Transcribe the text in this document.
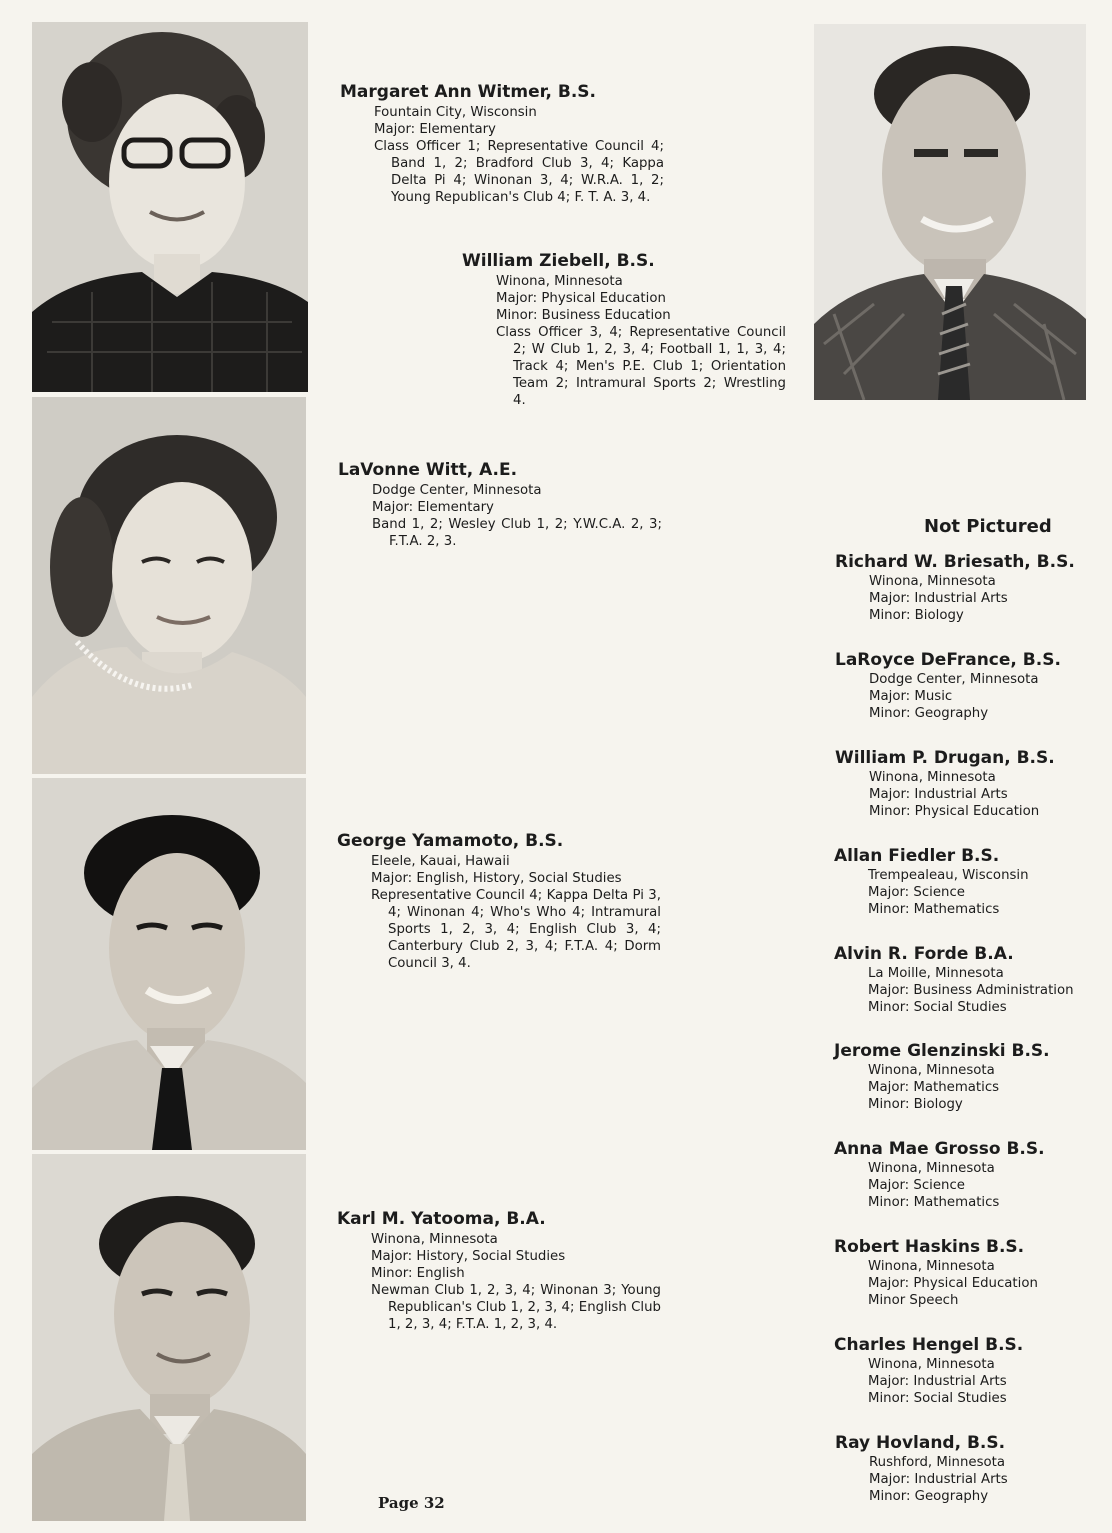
Margaret Ann Witmer, B.S.
Fountain City, Wisconsin
Major: Elementary
Class Officer 1; Representative Council 4; Band 1, 2; Bradford Club 3, 4; Kappa Delta Pi 4; Winonan 3, 4; W.R.A. 1, 2; Young Republican's Club 4; F. T. A. 3, 4.
William Ziebell, B.S.
Winona, Minnesota
Major: Physical Education
Minor: Business Education
Class Officer 3, 4; Representative Council 2; W Club 1, 2, 3, 4; Football 1, 1, 3, 4; Track 4; Men's P.E. Club 1; Orientation Team 2; Intramural Sports 2; Wrestling 4.
LaVonne Witt, A.E.
Dodge Center, Minnesota
Major: Elementary
Band 1, 2; Wesley Club 1, 2; Y.W.C.A. 2, 3; F.T.A. 2, 3.
George Yamamoto, B.S.
Eleele, Kauai, Hawaii
Major: English, History, Social Studies
Representative Council 4; Kappa Delta Pi 3, 4; Winonan 4; Who's Who 4; Intramural Sports 1, 2, 3, 4; English Club 3, 4; Canterbury Club 2, 3, 4; F.T.A. 4; Dorm Council 3, 4.
Karl M. Yatooma, B.A.
Winona, Minnesota
Major: History, Social Studies
Minor: English
Newman Club 1, 2, 3, 4; Winonan 3; Young Republican's Club 1, 2, 3, 4; English Club 1, 2, 3, 4; F.T.A. 1, 2, 3, 4.
Not Pictured
Richard W. Briesath, B.S.
Winona, Minnesota
Major: Industrial Arts
Minor: Biology
LaRoyce DeFrance, B.S.
Dodge Center, Minnesota
Major: Music
Minor: Geography
William P. Drugan, B.S.
Winona, Minnesota
Major: Industrial Arts
Minor: Physical Education
Allan Fiedler B.S.
Trempealeau, Wisconsin
Major: Science
Minor: Mathematics
Alvin R. Forde B.A.
La Moille, Minnesota
Major: Business Administration
Minor: Social Studies
Jerome Glenzinski B.S.
Winona, Minnesota
Major: Mathematics
Minor: Biology
Anna Mae Grosso B.S.
Winona, Minnesota
Major: Science
Minor: Mathematics
Robert Haskins B.S.
Winona, Minnesota
Major: Physical Education
Minor Speech
Charles Hengel B.S.
Winona, Minnesota
Major: Industrial Arts
Minor: Social Studies
Ray Hovland, B.S.
Rushford, Minnesota
Major: Industrial Arts
Minor: Geography
Page 32
